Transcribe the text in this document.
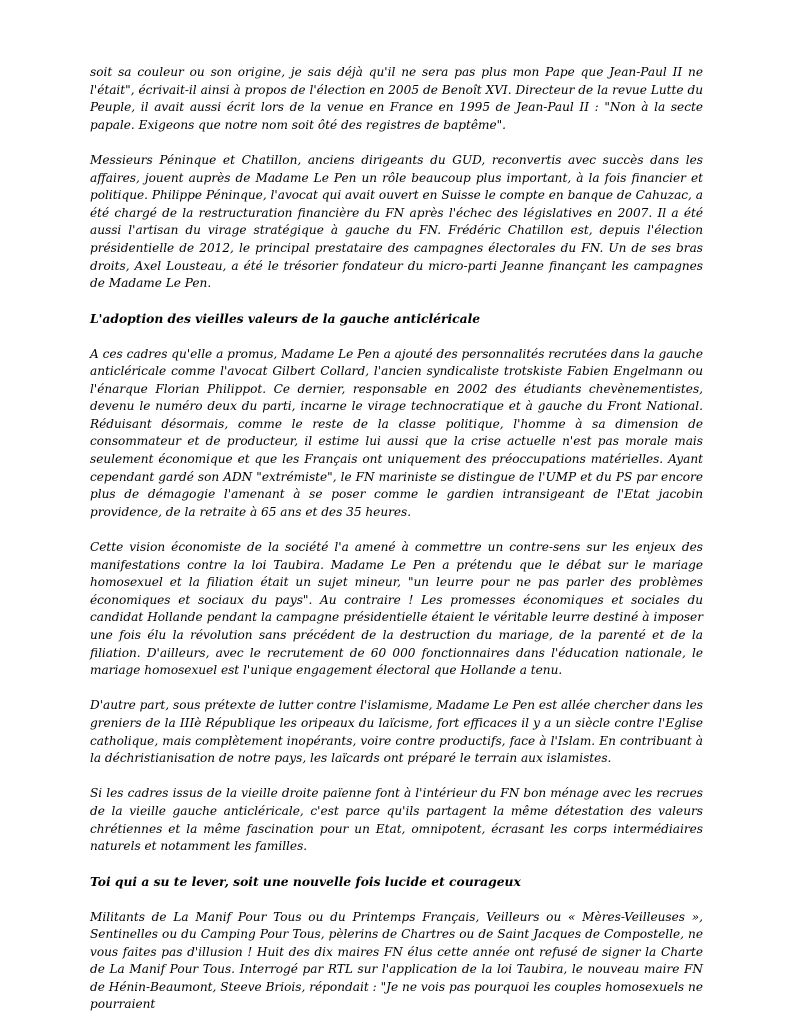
soit sa couleur ou son origine, je sais déjà qu'il ne sera pas plus mon Pape que Jean-Paul II ne l'était", écrivait-il ainsi à propos de l'élection en 2005 de Benoît XVI. Directeur de la revue Lutte du Peuple, il avait aussi écrit lors de la venue en France en 1995 de Jean-Paul II : "Non à la secte papale. Exigeons que notre nom soit ôté des registres de baptême".

Messieurs Péninque et Chatillon, anciens dirigeants du GUD, reconvertis avec succès dans les affaires, jouent auprès de Madame Le Pen un rôle beaucoup plus important, à la fois financier et politique. Philippe Péninque, l'avocat qui avait ouvert en Suisse le compte en banque de Cahuzac, a été chargé de la restructuration financière du FN après l'échec des législatives en 2007. Il a été aussi l'artisan du virage stratégique à gauche du FN. Frédéric Chatillon est, depuis l'élection présidentielle de 2012, le principal prestataire des campagnes électorales du FN. Un de ses bras droits, Axel Lousteau, a été le trésorier fondateur du micro-parti Jeanne finançant les campagnes de Madame Le Pen.

L'adoption des vieilles valeurs de la gauche anticléricale

A ces cadres qu'elle a promus, Madame Le Pen a ajouté des personnalités recrutées dans la gauche anticléricale comme l'avocat Gilbert Collard, l'ancien syndicaliste trotskiste Fabien Engelmann ou l'énarque Florian Philippot. Ce dernier, responsable en 2002 des étudiants chevènementistes, devenu le numéro deux du parti, incarne le virage technocratique et à gauche du Front National. Réduisant désormais, comme le reste de la classe politique, l'homme à sa dimension de consommateur et de producteur, il estime lui aussi que la crise actuelle n'est pas morale mais seulement économique et que les Français ont uniquement des préoccupations matérielles. Ayant cependant gardé son ADN "extrémiste", le FN mariniste se distingue de l'UMP et du PS par encore plus de démagogie l'amenant à se poser comme le gardien intransigeant de l'Etat jacobin providence, de la retraite à 65 ans et des 35 heures.

Cette vision économiste de la société l'a amené à commettre un contre-sens sur les enjeux des manifestations contre la loi Taubira. Madame Le Pen a prétendu que le débat sur le mariage homosexuel et la filiation était un sujet mineur, "un leurre pour ne pas parler des problèmes économiques et sociaux du pays". Au contraire ! Les promesses économiques et sociales du candidat Hollande pendant la campagne présidentielle étaient le véritable leurre destiné à imposer une fois élu la révolution sans précédent de la destruction du mariage, de la parenté et de la filiation. D'ailleurs, avec le recrutement de 60 000 fonctionnaires dans l'éducation nationale, le mariage homosexuel est l'unique engagement électoral que Hollande a tenu.

D'autre part, sous prétexte de lutter contre l'islamisme, Madame Le Pen est allée chercher dans les greniers de la IIIè République les oripeaux du laïcisme, fort efficaces il y a un siècle contre l'Eglise catholique, mais complètement inopérants, voire contre productifs, face à l'Islam. En contribuant à la déchristianisation de notre pays, les laïcards ont préparé le terrain aux islamistes.

Si les cadres issus de la vieille droite païenne font à l'intérieur du FN bon ménage avec les recrues de la vieille gauche anticléricale, c'est parce qu'ils partagent la même détestation des valeurs chrétiennes et la même fascination pour un Etat, omnipotent, écrasant les corps intermédiaires naturels et notamment les familles.

Toi qui a su te lever, soit une nouvelle fois lucide et courageux

Militants de La Manif Pour Tous ou du Printemps Français, Veilleurs ou « Mères-Veilleuses », Sentinelles ou du Camping Pour Tous, pèlerins de Chartres ou de Saint Jacques de Compostelle, ne vous faites pas d'illusion ! Huit des dix maires FN élus cette année ont refusé de signer la Charte de La Manif Pour Tous. Interrogé par RTL sur l'application de la loi Taubira, le nouveau maire FN de Hénin-Beaumont, Steeve Briois, répondait : "Je ne vois pas pourquoi les couples homosexuels ne pourraient
